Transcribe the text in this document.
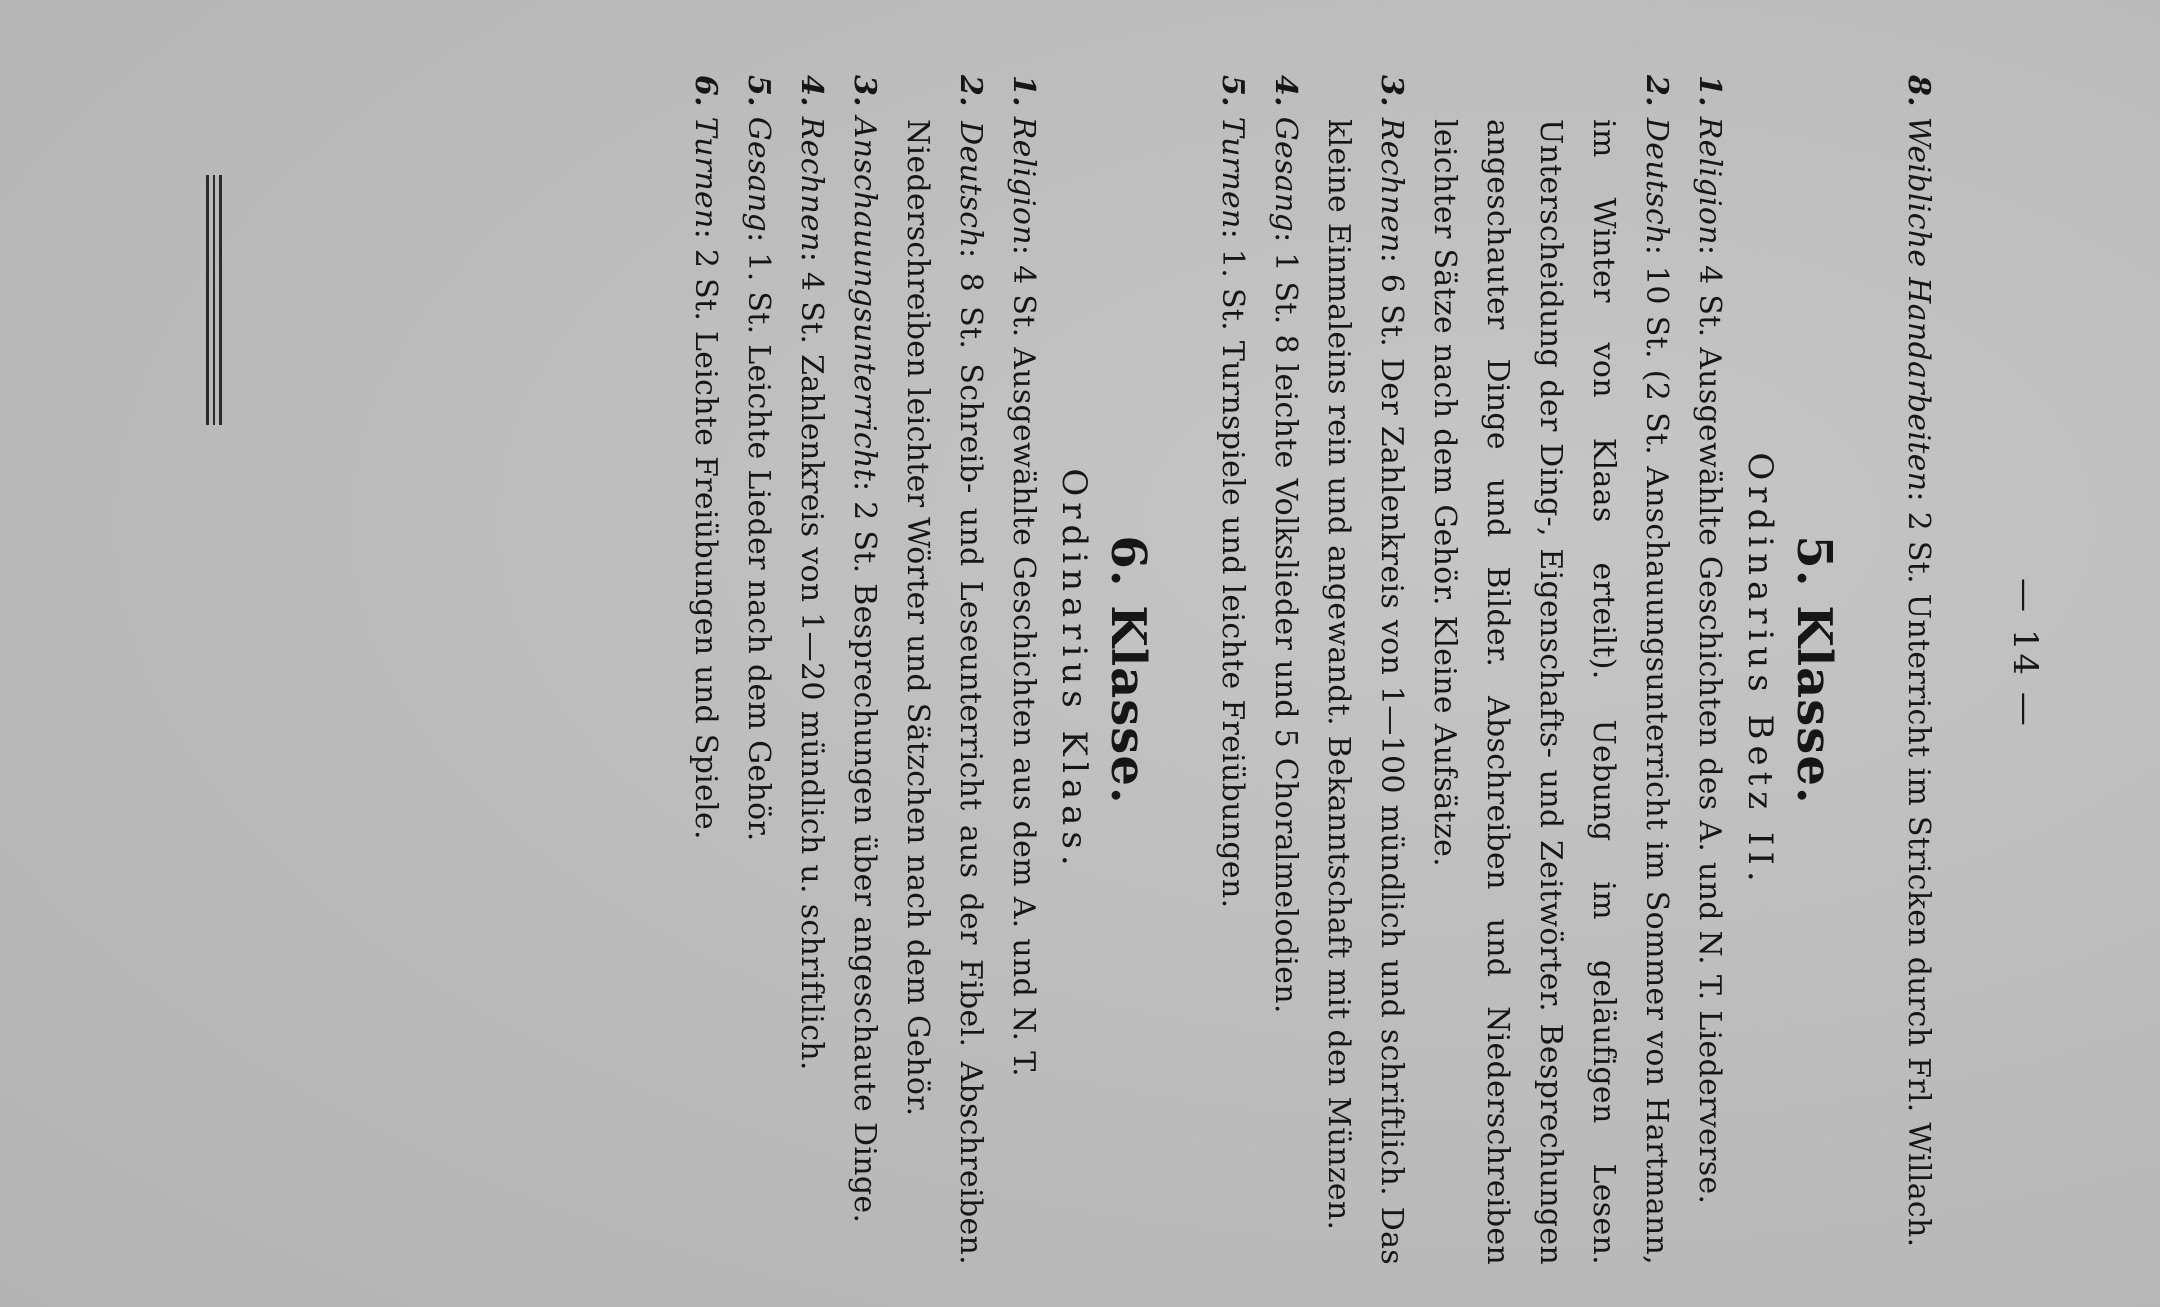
— 14 —

8. Weibliche Handarbeiten: 2 St. Unterricht im Stricken durch Frl. Willach.

5. Klasse.
Ordinarius Betz II.

1. Religion: 4 St. Ausgewählte Geschichten des A. und N. T. Liederverse.

2. Deutsch: 10 St. (2 St. Anschauungsunterricht im Sommer von Hartmann, im Winter von Klaas erteilt). Uebung im geläufigen Lesen. Unterscheidung der Ding-, Eigenschafts- und Zeitwörter. Besprechungen angeschauter Dinge und Bilder. Abschreiben und Niederschreiben leichter Sätze nach dem Gehör. Kleine Aufsätze.

3. Rechnen: 6 St. Der Zahlenkreis von 1—100 mündlich und schriftlich. Das kleine Einmaleins rein und angewandt. Bekanntschaft mit den Münzen.

4. Gesang: 1 St. 8 leichte Volkslieder und 5 Choralmelodien.

5. Turnen: 1. St. Turnspiele und leichte Freiübungen.

6. Klasse.
Ordinarius Klaas.

1. Religion: 4 St. Ausgewählte Geschichten aus dem A. und N. T.

2. Deutsch: 8 St. Schreib- und Leseunterricht aus der Fibel. Abschreiben. Niederschreiben leichter Wörter und Sätzchen nach dem Gehör.

3. Anschauungsunterricht: 2 St. Besprechungen über angeschaute Dinge.

4. Rechnen: 4 St. Zahlenkreis von 1—20 mündlich u. schriftlich.

5. Gesang: 1. St. Leichte Lieder nach dem Gehör.

6. Turnen: 2 St. Leichte Freiübungen und Spiele.
